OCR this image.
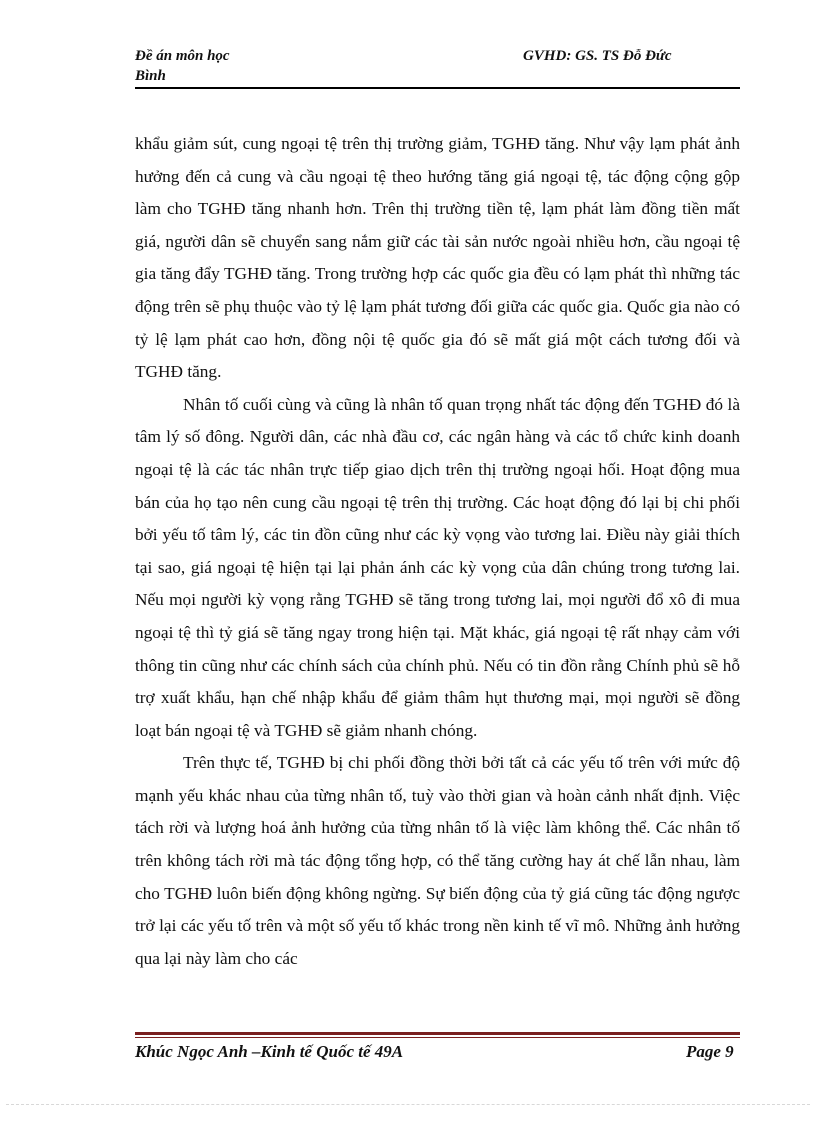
Đề án môn học
Bình
GVHD: GS. TS Đỗ Đức

khẩu giảm sút, cung ngoại tệ trên thị trường giảm, TGHĐ tăng. Như vậy lạm phát ảnh hưởng đến cả cung và cầu ngoại tệ theo hướng tăng giá ngoại tệ, tác động cộng gộp làm cho TGHĐ tăng nhanh hơn. Trên thị trường tiền tệ, lạm phát làm đồng tiền mất giá, người dân sẽ chuyển sang nắm giữ các tài sản nước ngoài nhiều hơn, cầu ngoại tệ gia tăng đẩy TGHĐ tăng. Trong trường hợp các quốc gia đều có lạm phát thì những tác động trên sẽ phụ thuộc vào tỷ lệ lạm phát tương đối giữa các quốc gia. Quốc gia nào có tỷ lệ lạm phát cao hơn, đồng nội tệ quốc gia đó sẽ mất giá một cách tương đối và TGHĐ tăng.

Nhân tố cuối cùng và cũng là nhân tố quan trọng nhất tác động đến TGHĐ đó là tâm lý số đông. Người dân, các nhà đầu cơ, các ngân hàng và các tổ chức kinh doanh ngoại tệ là các tác nhân trực tiếp giao dịch trên thị trường ngoại hối. Hoạt động mua bán của họ tạo nên cung cầu ngoại tệ trên thị trường. Các hoạt động đó lại bị chi phối bởi yếu tố tâm lý, các tin đồn cũng như các kỳ vọng vào tương lai. Điều này giải thích tại sao, giá ngoại tệ hiện tại lại phản ánh các kỳ vọng của dân chúng trong tương lai. Nếu mọi người kỳ vọng rằng TGHĐ sẽ tăng trong tương lai, mọi người đổ xô đi mua ngoại tệ thì tỷ giá sẽ tăng ngay trong hiện tại. Mặt khác, giá ngoại tệ rất nhạy cảm với thông tin cũng như các chính sách của chính phủ. Nếu có tin đồn rằng Chính phủ sẽ hỗ trợ xuất khẩu, hạn chế nhập khẩu để giảm thâm hụt thương mại, mọi người sẽ đồng loạt bán ngoại tệ và TGHĐ sẽ giảm nhanh chóng.

Trên thực tế, TGHĐ bị chi phối đồng thời bởi tất cả các yếu tố trên với mức độ mạnh yếu khác nhau của từng nhân tố, tuỳ vào thời gian và hoàn cảnh nhất định. Việc tách rời và lượng hoá ảnh hưởng của từng nhân tố là việc làm không thể. Các nhân tố trên không tách rời mà tác động tổng hợp, có thể tăng cường hay át chế lẫn nhau, làm cho TGHĐ luôn biến động không ngừng. Sự biến động của tỷ giá cũng tác động ngược trở lại các yếu tố trên và một số yếu tố khác trong nền kinh tế vĩ mô. Những ảnh hưởng qua lại này làm cho các

Khúc Ngọc Anh –Kinh tế Quốc tế 49A	Page 9
